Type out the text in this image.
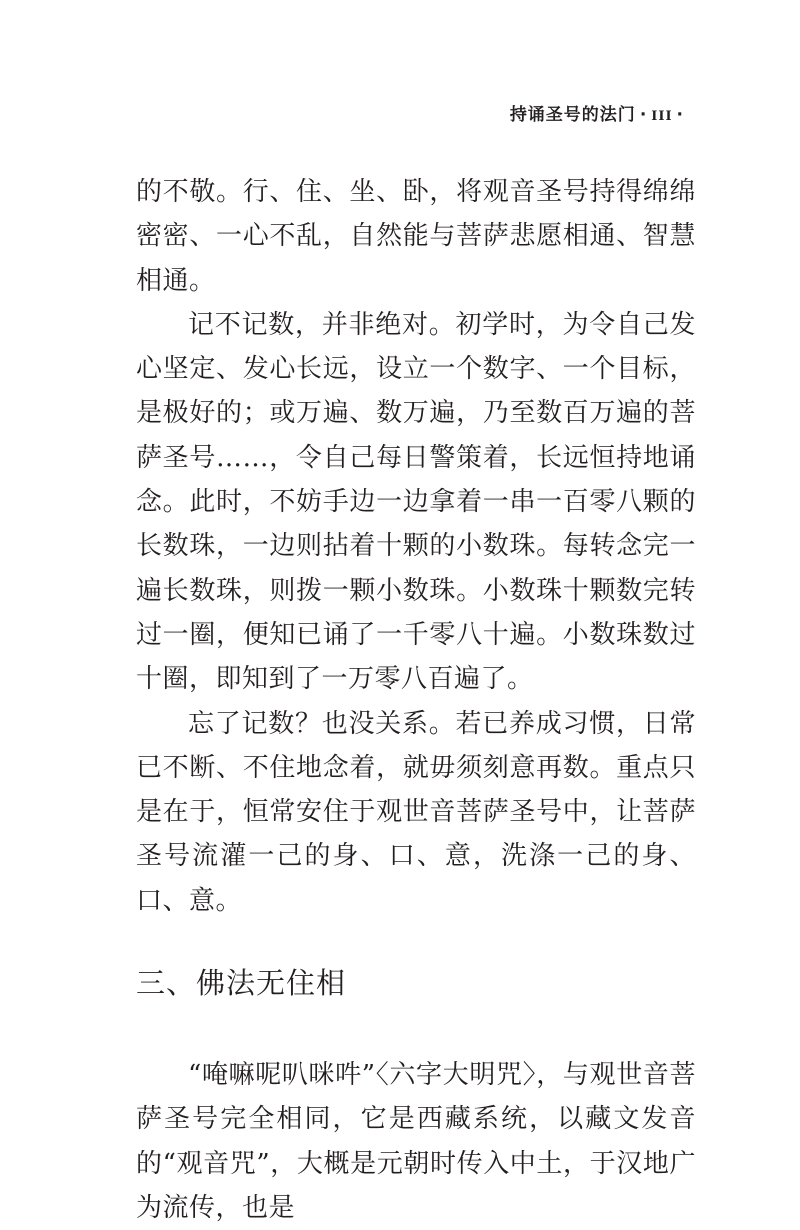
持诵圣号的法门 · III ·

的不敬。行、住、坐、卧，将观音圣号持得绵绵密密、一心不乱，自然能与菩萨悲愿相通、智慧相通。

记不记数，并非绝对。初学时，为令自己发心坚定、发心长远，设立一个数字、一个目标，是极好的；或万遍、数万遍，乃至数百万遍的菩萨圣号……，令自己每日警策着，长远恒持地诵念。此时，不妨手边一边拿着一串一百零八颗的长数珠，一边则拈着十颗的小数珠。每转念完一遍长数珠，则拨一颗小数珠。小数珠十颗数完转过一圈，便知已诵了一千零八十遍。小数珠数过十圈，即知到了一万零八百遍了。

忘了记数？也没关系。若已养成习惯，日常已不断、不住地念着，就毋须刻意再数。重点只是在于，恒常安住于观世音菩萨圣号中，让菩萨圣号流灌一己的身、口、意，洗涤一己的身、口、意。

三、佛法无住相

“唵嘛呢叭咪吽”〈六字大明咒〉，与观世音菩萨圣号完全相同，它是西藏系统，以藏文发音的“观音咒”，大概是元朝时传入中土，于汉地广为流传，也是
